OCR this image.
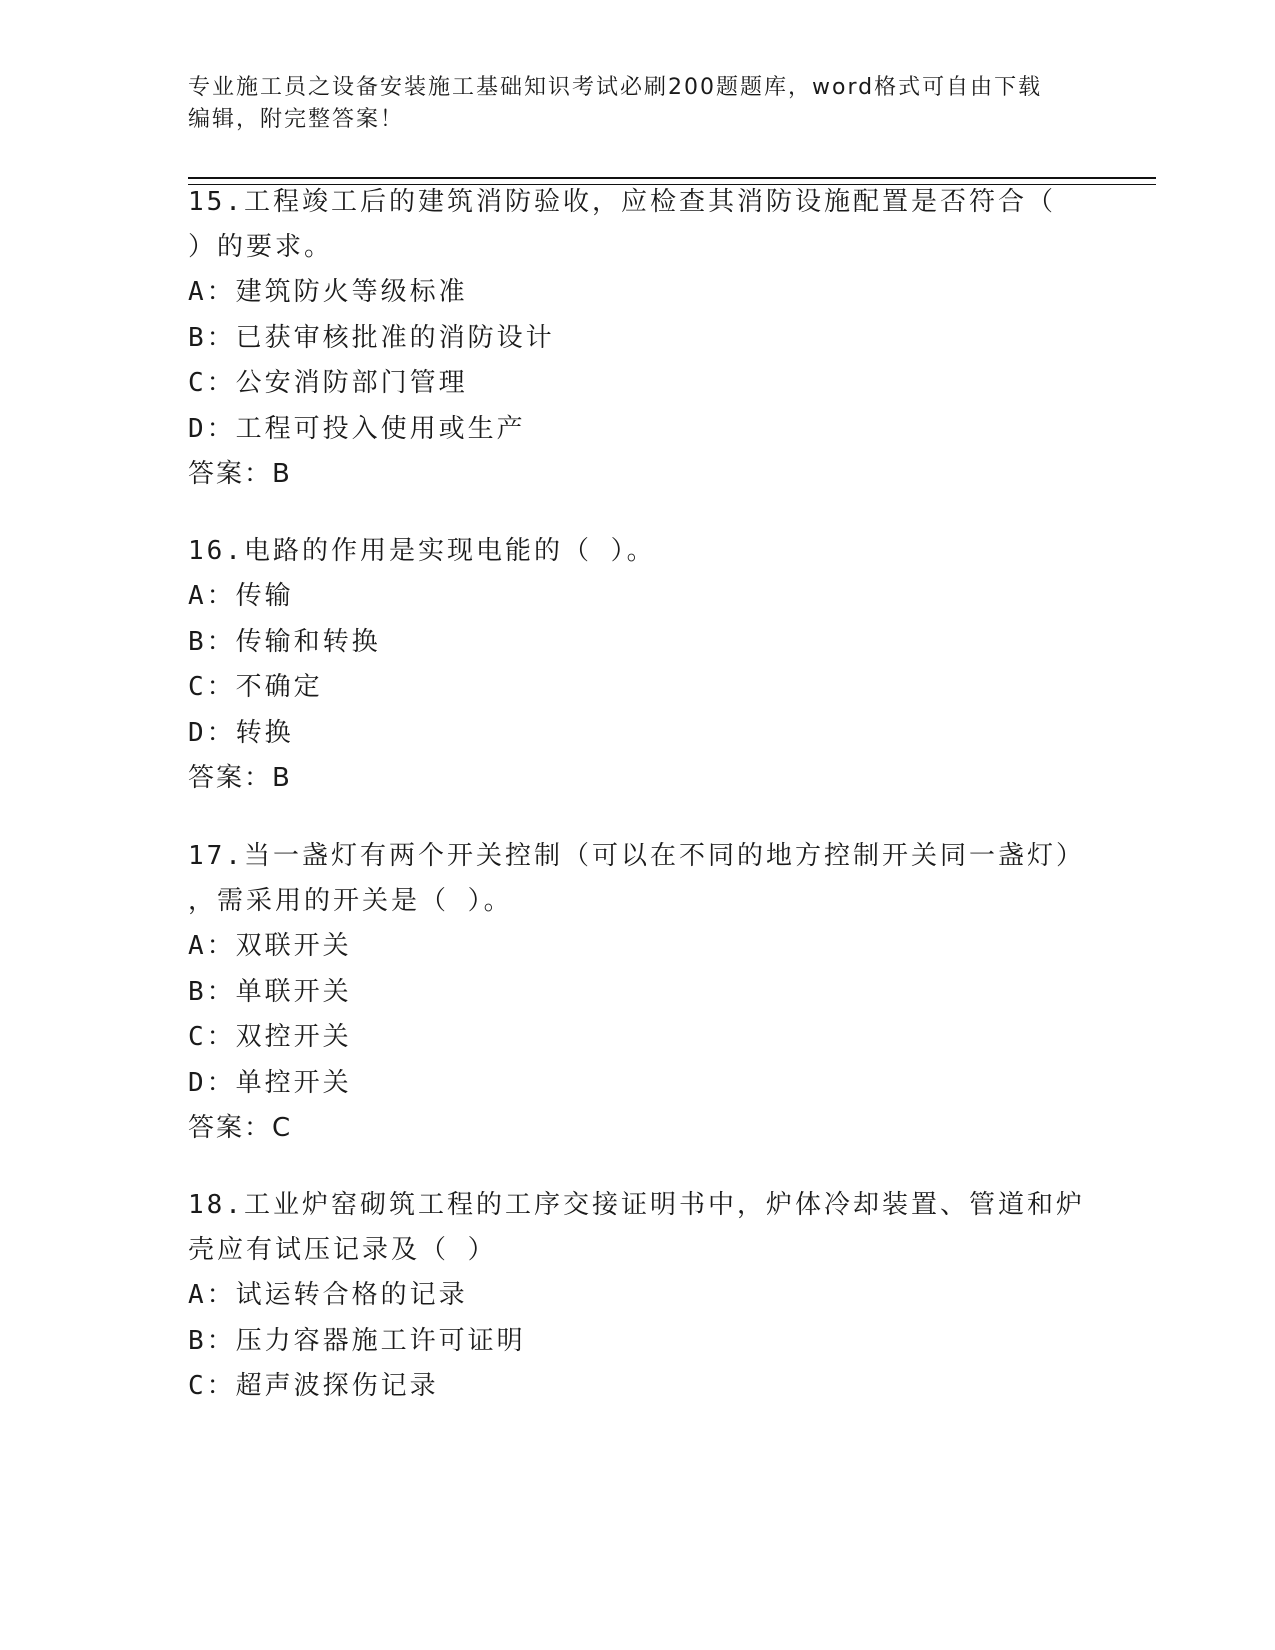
专业施工员之设备安装施工基础知识考试必刷200题题库，word格式可自由下载
编辑，附完整答案！
15.工程竣工后的建筑消防验收，应检查其消防设施配置是否符合（
）的要求。
A：建筑防火等级标准
B：已获审核批准的消防设计
C：公安消防部门管理
D：工程可投入使用或生产
答案：B
16.电路的作用是实现电能的（ ）。
A：传输
B：传输和转换
C：不确定
D：转换
答案：B
17.当一盏灯有两个开关控制（可以在不同的地方控制开关同一盏灯）
，需采用的开关是（ ）。
A：双联开关
B：单联开关
C：双控开关
D：单控开关
答案：C
18.工业炉窑砌筑工程的工序交接证明书中，炉体冷却装置、管道和炉
壳应有试压记录及（ ）
A：试运转合格的记录
B：压力容器施工许可证明
C：超声波探伤记录
